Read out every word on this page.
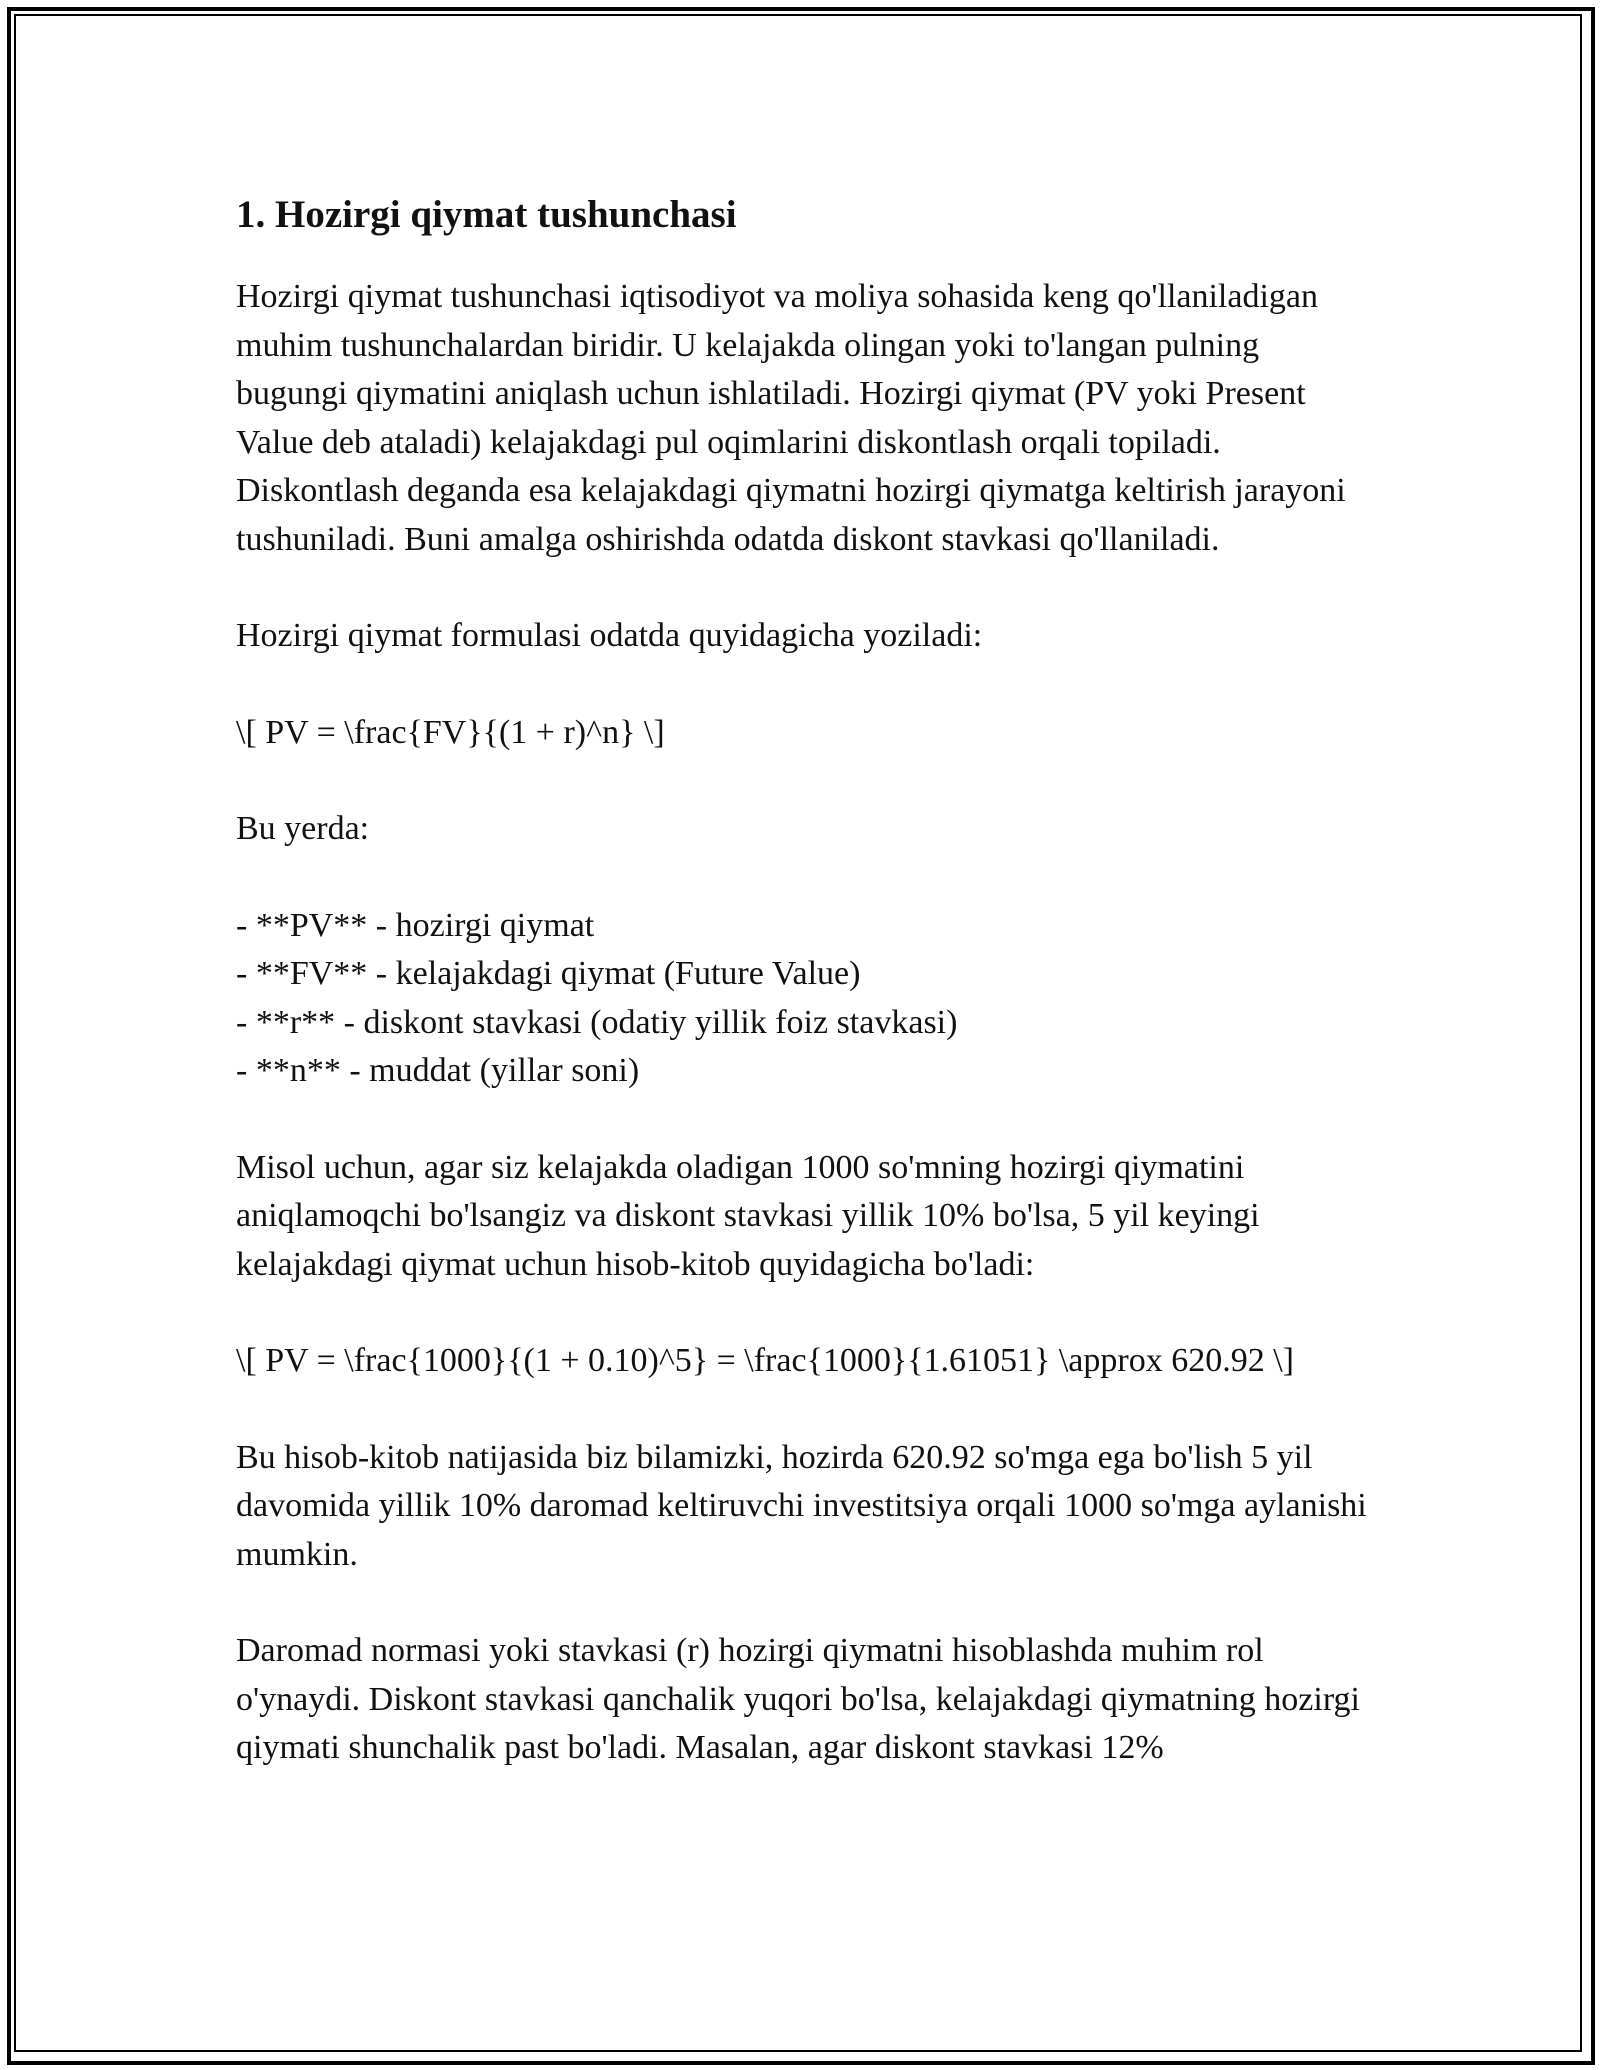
1. Hozirgi qiymat tushunchasi

Hozirgi qiymat tushunchasi iqtisodiyot va moliya sohasida keng qo'llaniladigan muhim tushunchalardan biridir. U kelajakda olingan yoki to'langan pulning bugungi qiymatini aniqlash uchun ishlatiladi. Hozirgi qiymat (PV yoki Present Value deb ataladi) kelajakdagi pul oqimlarini diskontlash orqali topiladi. Diskontlash deganda esa kelajakdagi qiymatni hozirgi qiymatga keltirish jarayoni tushuniladi. Buni amalga oshirishda odatda diskont stavkasi qo'llaniladi.

Hozirgi qiymat formulasi odatda quyidagicha yoziladi:

\[ PV = \frac{FV}{(1 + r)^n} \]

Bu yerda:

- **PV** - hozirgi qiymat
- **FV** - kelajakdagi qiymat (Future Value)
- **r** - diskont stavkasi (odatiy yillik foiz stavkasi)
- **n** - muddat (yillar soni)

Misol uchun, agar siz kelajakda oladigan 1000 so'mning hozirgi qiymatini aniqlamoqchi bo'lsangiz va diskont stavkasi yillik 10% bo'lsa, 5 yil keyingi kelajakdagi qiymat uchun hisob-kitob quyidagicha bo'ladi:

\[ PV = \frac{1000}{(1 + 0.10)^5} = \frac{1000}{1.61051} \approx 620.92 \]

Bu hisob-kitob natijasida biz bilamizki, hozirda 620.92 so'mga ega bo'lish 5 yil davomida yillik 10% daromad keltiruvchi investitsiya orqali 1000 so'mga aylanishi mumkin.

Daromad normasi yoki stavkasi (r) hozirgi qiymatni hisoblashda muhim rol o'ynaydi. Diskont stavkasi qanchalik yuqori bo'lsa, kelajakdagi qiymatning hozirgi qiymati shunchalik past bo'ladi. Masalan, agar diskont stavkasi 12%
